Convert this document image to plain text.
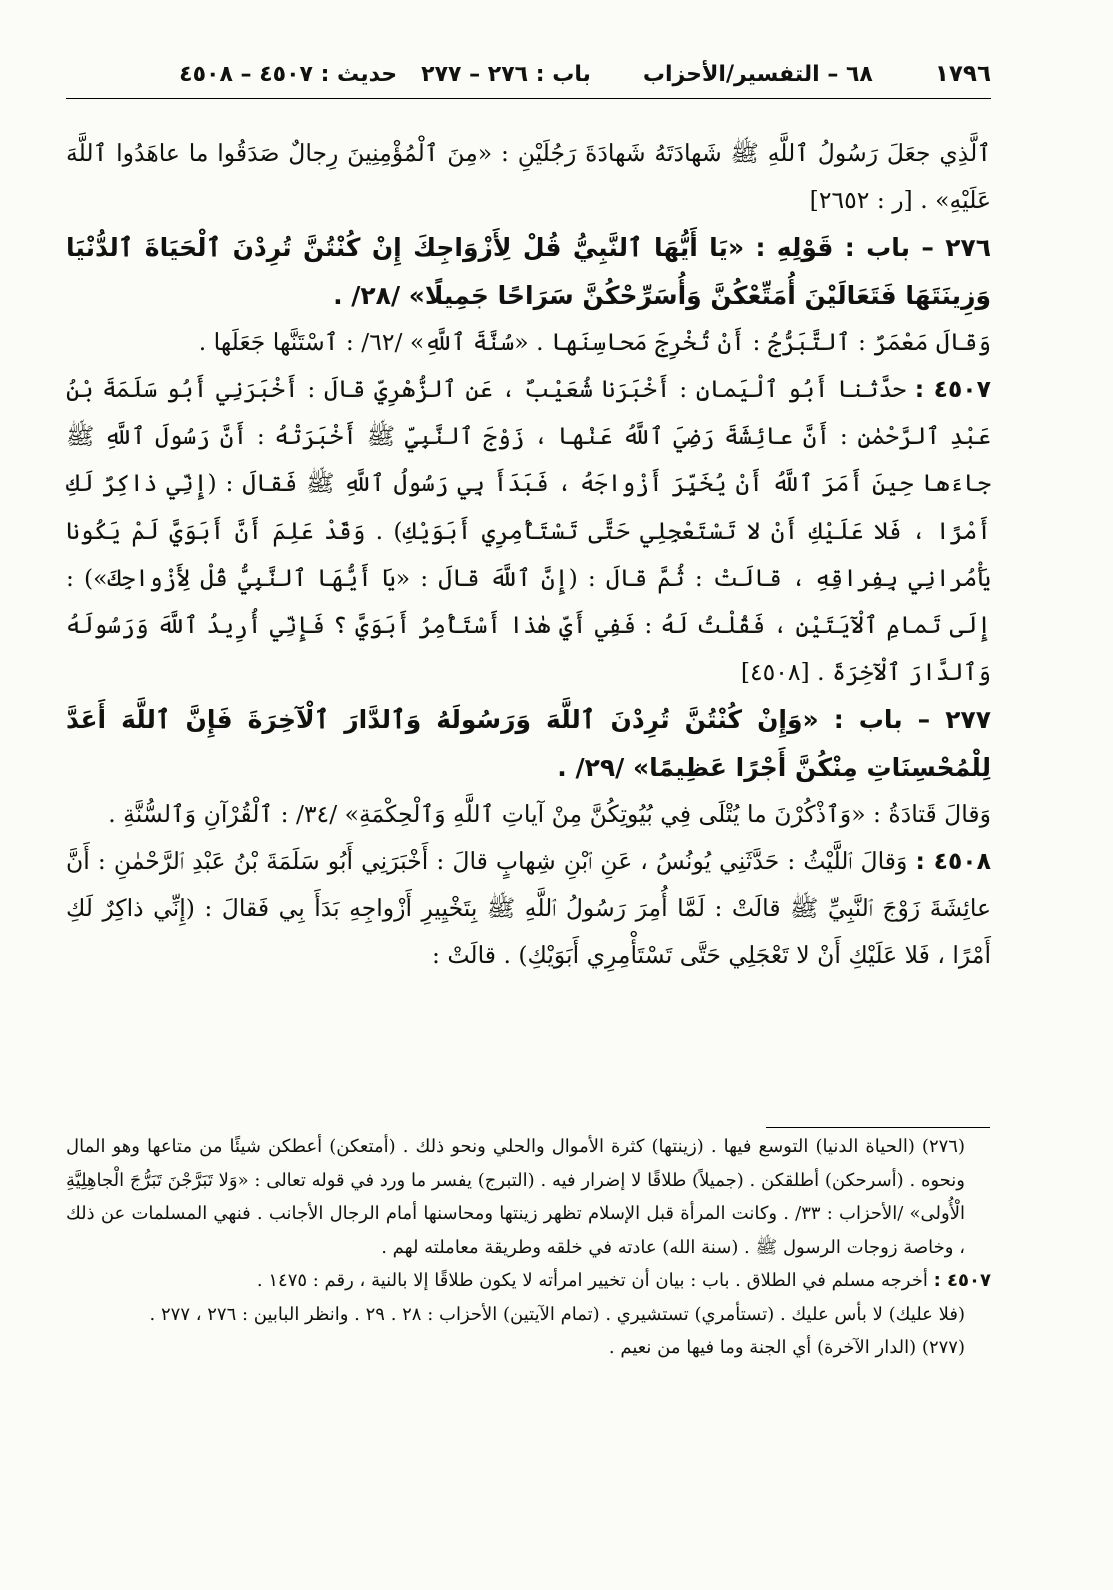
١٧٩٦
٦٨ – التفسير/الأحزاب
باب : ٢٧٦ – ٢٧٧
حديث : ٤٥٠٧ – ٤٥٠٨

ٱلَّذِي جعَلَ رَسُولُ ٱللَّهِ ﷺ شَهادَتَهُ شَهادَةَ رَجُلَيْنِ : «مِنَ ٱلْمُؤْمِنِينَ رِجالٌ صَدَقُوا ما عاهَدُوا ٱللَّهَ عَلَيْهِ» . [ر : ٢٦٥٢]

٢٧٦ – باب : قَوْلِهِ : «يَا أَيُّهَا ٱلنَّبِيُّ قُلْ لِأَزْوَاجِكَ إِنْ كُنْتُنَّ تُرِدْنَ ٱلْحَيَاةَ ٱلدُّنْيَا وَزِينَتَهَا فَتَعَالَيْنَ أُمَتِّعْكُنَّ وَأُسَرِّحْكُنَّ سَرَاحًا جَمِيلًا» /٢٨/ .

وَقالَ مَعْمَرٌ : ٱلتَّبَرُّجُ : أَنْ تُخْرِجَ مَحاسِنَها . «سُنَّةَ ٱللَّهِ» /٦٢/ : ٱسْتَنَّها جَعَلَها .

٤٥٠٧ : حدَّثنا أَبُو ٱلْيَمانِ : أَخْبَرَنا شُعَيْبٌ ، عَنِ ٱلزُّهْرِيِّ قالَ : أَخْبَرَنِي أَبُو سَلَمَةَ بْنُ عَبْدِ ٱلرَّحْمٰنِ : أَنَّ عائِشَةَ رَضِيَ ٱللَّهُ عَنْها ، زَوْجَ ٱلنَّبِيِّ ﷺ أَخْبَرَتْهُ : أَنَّ رَسُولَ ٱللَّهِ ﷺ جاءَها حِينَ أَمَرَ ٱللَّهُ أَنْ يُخَيِّرَ أَزْواجَهُ ، فَبَدَأَ بِي رَسُولُ ٱللَّهِ ﷺ فَقالَ : (إِنِّي ذاكِرٌ لَكِ أَمْرًا ، فَلا عَلَيْكِ أَنْ لا تَسْتَعْجِلِي حَتَّى تَسْتَأْمِرِي أَبَوَيْكِ) . وَقَدْ عَلِمَ أَنَّ أَبَوَيَّ لَمْ يَكُونا يَأْمُرانِي بِفِراقِهِ ، قالَتْ : ثُمَّ قالَ : (إِنَّ ٱللَّهَ قالَ : «يَا أَيُّهَا ٱلنَّبِيُّ قُلْ لِأَزْواجِكَ») : إِلَى تَمامِ ٱلْآيَتَيْنِ ، فَقُلْتُ لَهُ : فَفِي أَيِّ هٰذا أَسْتَأْمِرُ أَبَوَيَّ ؟ فَإِنِّي أُرِيدُ ٱللَّهَ وَرَسُولَهُ وَٱلدَّارَ ٱلْآخِرَةَ . [٤٥٠٨]

٢٧٧ – باب : «وَإِنْ كُنْتُنَّ تُرِدْنَ ٱللَّهَ وَرَسُولَهُ وَٱلدَّارَ ٱلْآخِرَةَ فَإِنَّ ٱللَّهَ أَعَدَّ لِلْمُحْسِنَاتِ مِنْكُنَّ أَجْرًا عَظِيمًا» /٢٩/ .

وَقالَ قَتادَةُ : «وَٱذْكُرْنَ ما يُتْلَى فِي بُيُوتِكُنَّ مِنْ آياتِ ٱللَّهِ وَٱلْحِكْمَةِ» /٣٤/ : ٱلْقُرْآنِ وَٱلسُّنَّةِ .

٤٥٠٨ : وَقالَ ٱللَّيْثُ : حَدَّثَنِي يُونُسُ ، عَنِ ٱبْنِ شِهابٍ قالَ : أَخْبَرَنِي أَبُو سَلَمَةَ بْنُ عَبْدِ ٱلرَّحْمٰنِ : أَنَّ عائِشَةَ زَوْجَ ٱلنَّبِيِّ ﷺ قالَتْ : لَمَّا أُمِرَ رَسُولُ ٱللَّهِ ﷺ بِتَخْيِيرِ أَزْواجِهِ بَدَأَ بِي فَقالَ : (إِنِّي ذاكِرٌ لَكِ أَمْرًا ، فَلا عَلَيْكِ أَنْ لا تَعْجَلِي حَتَّى تَسْتَأْمِرِي أَبَوَيْكِ) . قالَتْ :

(٢٧٦) (الحياة الدنيا) التوسع فيها . (زينتها) كثرة الأموال والحلي ونحو ذلك . (أمتعكن) أعطكن شيئًا من متاعها وهو المال ونحوه . (أسرحكن) أطلقكن . (جميلاً) طلاقًا لا إضرار فيه . (التبرج) يفسر ما ورد في قوله تعالى : «وَلا تَبَرَّجْنَ تَبَرُّجَ الْجاهِلِيَّةِ الْأُولى» /الأحزاب : ٣٣/ . وكانت المرأة قبل الإسلام تظهر زينتها ومحاسنها أمام الرجال الأجانب . فنهي المسلمات عن ذلك ، وخاصة زوجات الرسول ﷺ . (سنة الله) عادته في خلقه وطريقة معاملته لهم .

٤٥٠٧ : أخرجه مسلم في الطلاق . باب : بيان أن تخيير امرأته لا يكون طلاقًا إلا بالنية ، رقم : ١٤٧٥ .

(فلا عليك) لا بأس عليك . (تستأمري) تستشيري . (تمام الآيتين) الأحزاب : ٢٨ . ٢٩ . وانظر البابين : ٢٧٦ ، ٢٧٧ .

(٢٧٧) (الدار الآخرة) أي الجنة وما فيها من نعيم .
